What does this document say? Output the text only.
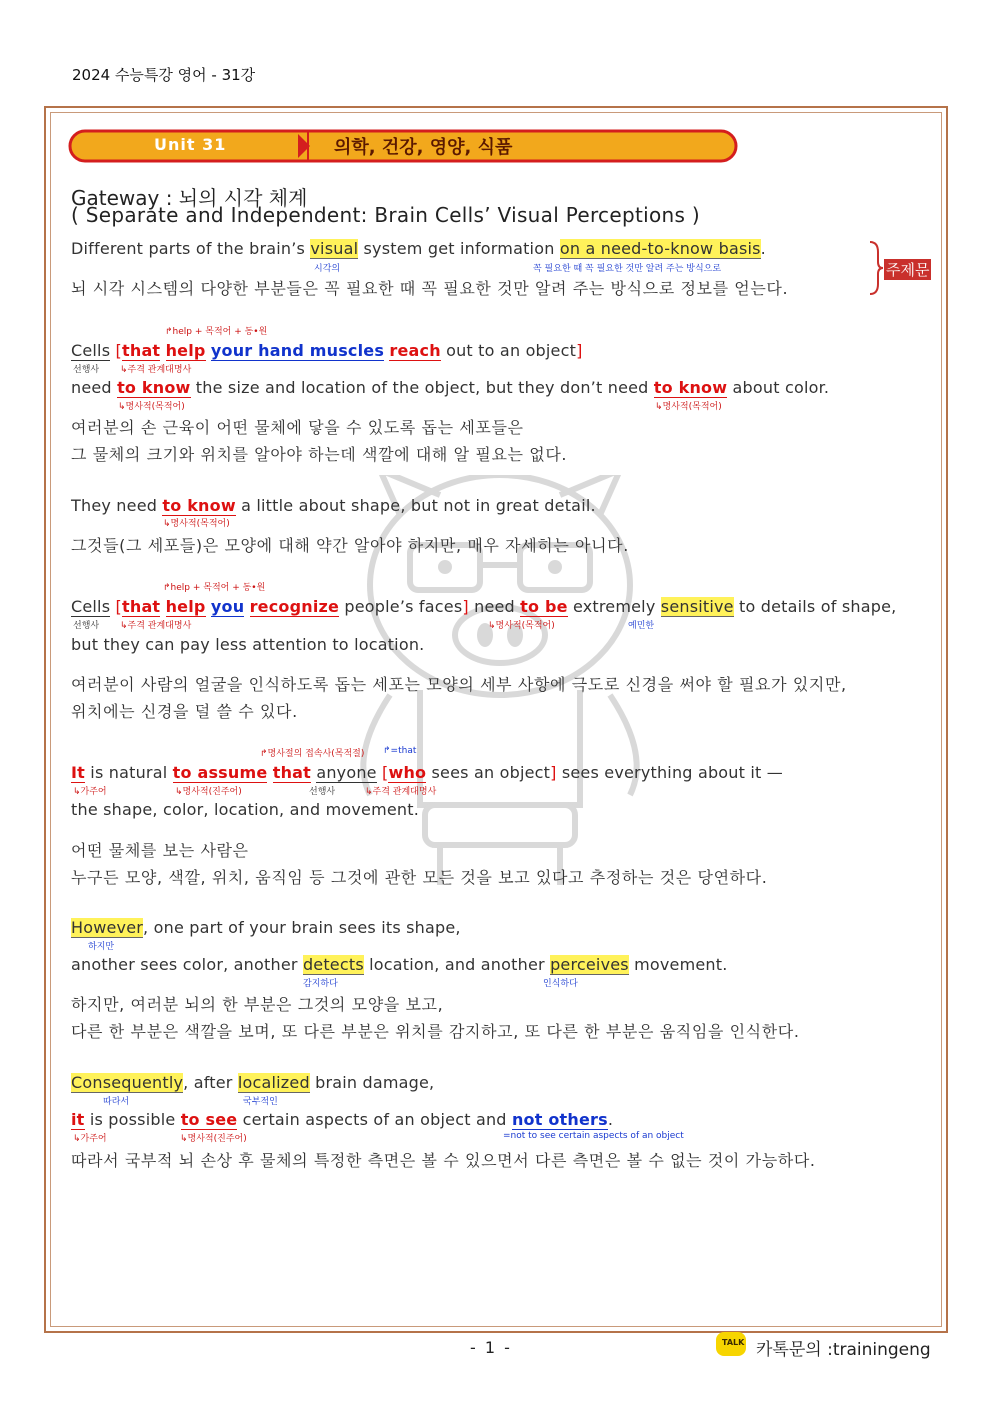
2024 수능특강 영어 - 31강
Unit 31	의학, 건강, 영양, 식품
Gateway : 뇌의 시각 체계
( Separate and Independent: Brain Cells’ Visual Perceptions )
주제문
Different parts of the brain’s visual system get information on a need-to-know basis.
시각의	꼭 필요한 때 꼭 필요한 것만 알려 주는 방식으로
뇌 시각 시스템의 다양한 부분들은 꼭 필요한 때 꼭 필요한 것만 알려 주는 방식으로 정보를 얻는다.
↱help + 목적어 + 동•원
Cells [that help your hand muscles reach out to an object]
선행사 ↳주격 관계대명사
need to know the size and location of the object, but they don’t need to know about color.
↳명사적(목적어)	↳명사적(목적어)
여러분의 손 근육이 어떤 물체에 닿을 수 있도록 돕는 세포들은
그 물체의 크기와 위치를 알아야 하는데 색깔에 대해 알 필요는 없다.
They need to know a little about shape, but not in great detail.
↳명사적(목적어)
그것들(그 세포들)은 모양에 대해 약간 알아야 하지만, 매우 자세히는 아니다.
↱help + 목적어 + 동•원
Cells [that help you recognize people’s faces] need to be extremely sensitive to details of shape,
선행사 ↳주격 관계대명사	↳명사적(목적어)	예민한
but they can pay less attention to location.
여러분이 사람의 얼굴을 인식하도록 돕는 세포는 모양의 세부 사항에 극도로 신경을 써야 할 필요가 있지만,
위치에는 신경을 덜 쓸 수 있다.
↱명사절의 접속사(목적절) ↱=that
It is natural to assume that anyone [who sees an object] sees everything about it —
↳가주어	↳명사적(진주어)	선행사	↳주격 관계대명사
the shape, color, location, and movement.
어떤 물체를 보는 사람은
누구든 모양, 색깔, 위치, 움직임 등 그것에 관한 모든 것을 보고 있다고 추정하는 것은 당연하다.
However, one part of your brain sees its shape,
하지만
another sees color, another detects location, and another perceives movement.
감지하다	인식하다
하지만, 여러분 뇌의 한 부분은 그것의 모양을 보고,
다른 한 부분은 색깔을 보며, 또 다른 부분은 위치를 감지하고, 또 다른 한 부분은 움직임을 인식한다.
Consequently, after localized brain damage,
따라서	국부적인
it is possible to see certain aspects of an object and not others.
↳가주어	↳명사적(진주어)	=not to see certain aspects of an object
따라서 국부적 뇌 손상 후 물체의 특정한 측면은 볼 수 있으면서 다른 측면은 볼 수 없는 것이 가능하다.
- 1 -	TALK 카톡문의 :trainingeng
